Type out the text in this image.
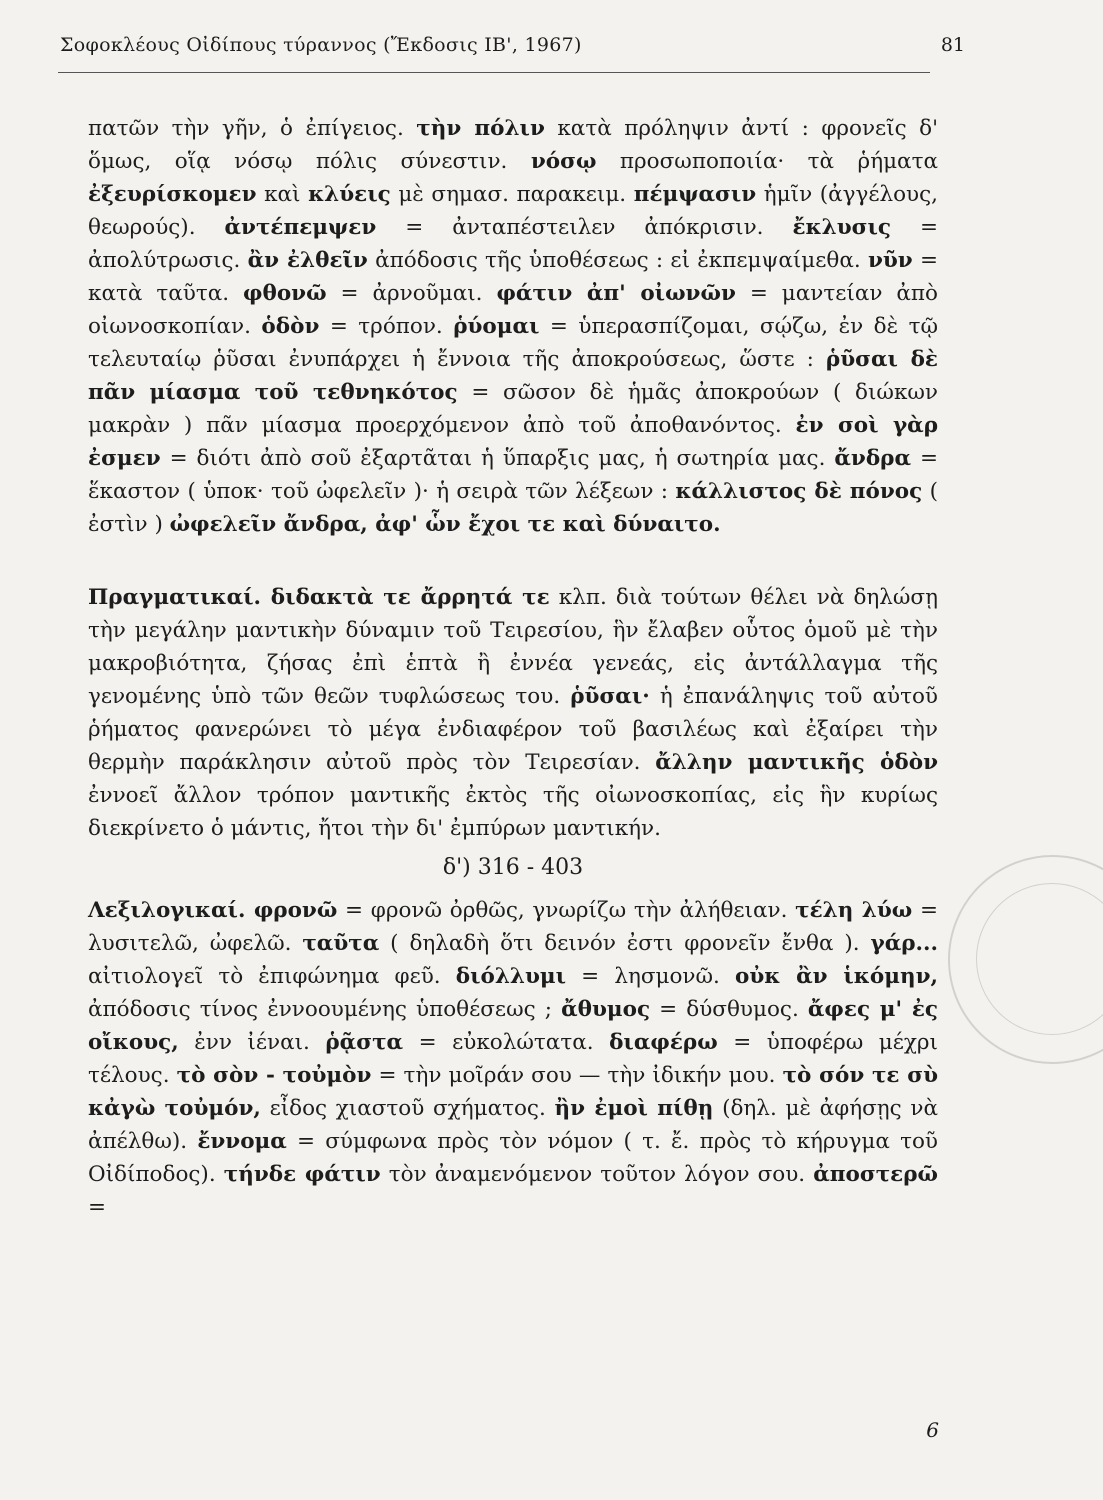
Σοφοκλέους Οἰδίπους τύραννος (Ἔκδοσις ΙΒ', 1967)	81

πατῶν τὴν γῆν, ὁ ἐπίγειος. τὴν πόλιν κατὰ πρόληψιν ἀντί : φρονεῖς δ' ὅμως, οἵᾳ νόσῳ πόλις σύνεστιν. νόσῳ προσωποποιία· τὰ ῥήματα ἐξευρίσκομεν καὶ κλύεις μὲ σημασ. παρακειμ. πέμψασιν ἡμῖν (ἀγγέλους, θεωρούς). ἀντέπεμψεν = ἀνταπέστειλεν ἀπόκρισιν. ἔκλυσις = ἀπολύτρωσις. ἂν ἐλθεῖν ἀπόδοσις τῆς ὑποθέσεως : εἰ ἐκπεμψαίμεθα. νῦν = κατὰ ταῦτα. φθονῶ = ἀρνοῦμαι. φάτιν ἀπ' οἰωνῶν = μαντείαν ἀπὸ οἰωνοσκοπίαν. ὁδὸν = τρόπον. ῥύομαι = ὑπερασπίζομαι, σῴζω, ἐν δὲ τῷ τελευταίῳ ῥῦσαι ἐνυπάρχει ἡ ἔννοια τῆς ἀποκρούσεως, ὥστε : ῥῦσαι δὲ πᾶν μίασμα τοῦ τεθνηκότος = σῶσον δὲ ἡμᾶς ἀποκρούων ( διώκων μακρὰν ) πᾶν μίασμα προερχόμενον ἀπὸ τοῦ ἀποθανόντος. ἐν σοὶ γὰρ ἐσμεν = διότι ἀπὸ σοῦ ἐξαρτᾶται ἡ ὕπαρξις μας, ἡ σωτηρία μας. ἄνδρα = ἕκαστον ( ὑποκ· τοῦ ὠφελεῖν )· ἡ σειρὰ τῶν λέξεων : κάλλιστος δὲ πόνος ( ἐστὶν ) ὠφελεῖν ἄνδρα, ἀφ' ὧν ἔχοι τε καὶ δύναιτο.

Πραγματικαί. διδακτὰ τε ἄρρητά τε κλπ. διὰ τούτων θέλει νὰ δηλώσῃ τὴν μεγάλην μαντικὴν δύναμιν τοῦ Τειρεσίου, ἣν ἔλαβεν οὗτος ὁμοῦ μὲ τὴν μακροβιότητα, ζήσας ἐπὶ ἑπτὰ ἢ ἐννέα γενεάς, εἰς ἀντάλλαγμα τῆς γενομένης ὑπὸ τῶν θεῶν τυφλώσεως του. ῥῦσαι· ἡ ἐπανάληψις τοῦ αὐτοῦ ῥήματος φανερώνει τὸ μέγα ἐνδιαφέρον τοῦ βασιλέως καὶ ἐξαίρει τὴν θερμὴν παράκλησιν αὐτοῦ πρὸς τὸν Τειρεσίαν. ἄλλην μαντικῆς ὁδὸν ἐννοεῖ ἄλλον τρόπον μαντικῆς ἐκτὸς τῆς οἰωνοσκοπίας, εἰς ἣν κυρίως διεκρίνετο ὁ μάντις, ἤτοι τὴν δι' ἐμπύρων μαντικήν.

δ') 316 - 403

Λεξιλογικαί. φρονῶ = φρονῶ ὀρθῶς, γνωρίζω τὴν ἀλήθειαν. τέλη λύω = λυσιτελῶ, ὠφελῶ. ταῦτα ( δηλαδὴ ὅτι δεινόν ἐστι φρονεῖν ἔνθα ). γάρ... αἰτιολογεῖ τὸ ἐπιφώνημα φεῦ. διόλλυμι = λησμονῶ. οὐκ ἂν ἱκόμην, ἀπόδοσις τίνος ἐννοουμένης ὑποθέσεως ; ἄθυμος = δύσθυμος. ἄφες μ' ἐς οἴκους, ἐνν ἰέναι. ῥᾷστα = εὐκολώτατα. διαφέρω = ὑποφέρω μέχρι τέλους. τὸ σὸν - τοὐμὸν = τὴν μοῖράν σου — τὴν ἰδικήν μου. τὸ σόν τε σὺ κἀγὼ τοὐμόν, εἶδος χιαστοῦ σχήματος. ἢν ἐμοὶ πίθῃ (δηλ. μὲ ἀφήσῃς νὰ ἀπέλθω). ἔννομα = σύμφωνα πρὸς τὸν νόμον ( τ. ἔ. πρὸς τὸ κήρυγμα τοῦ Οἰδίποδος). τήνδε φάτιν τὸν ἀναμενόμενον τοῦτον λόγον σου. ἀποστερῶ =

6
